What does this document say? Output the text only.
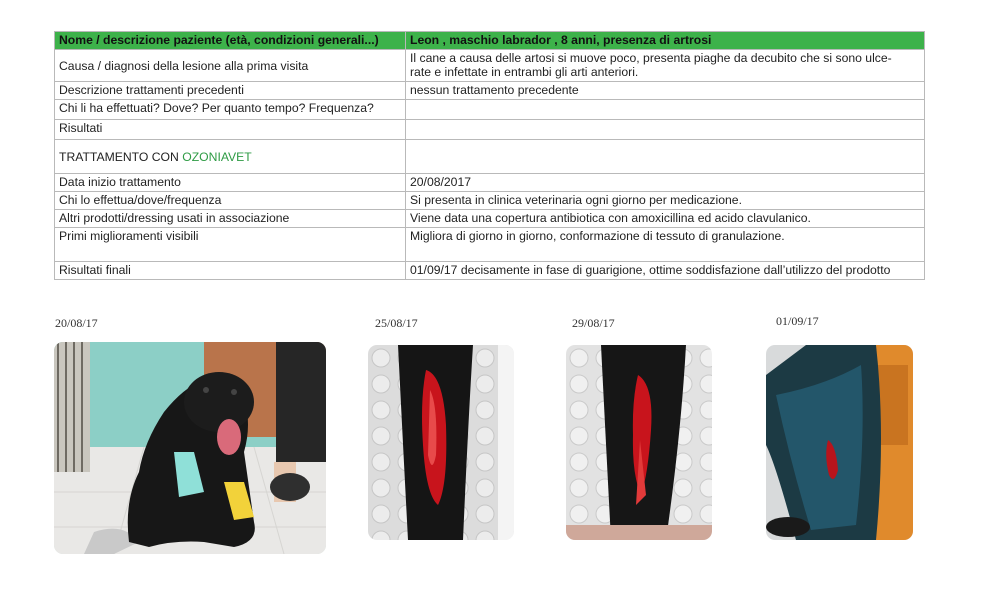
Nome / descrizione paziente (età, condizioni generali...)	Leon , maschio labrador , 8 anni, presenza di artrosi
Causa / diagnosi della lesione alla prima visita	Il cane a causa delle artosi si muove poco, presenta piaghe da decubito che si sono ulce-
rate e infettate in entrambi gli arti anteriori.
Descrizione trattamenti precedenti	nessun trattamento precedente
Chi li ha effettuati? Dove? Per quanto tempo? Frequenza?	
Risultati	
TRATTAMENTO CON OZONIAVET	
Data inizio trattamento	20/08/2017
Chi lo effettua/dove/frequenza	Si presenta in clinica veterinaria ogni giorno per medicazione.
Altri prodotti/dressing usati in associazione	Viene data una copertura antibiotica con amoxicillina ed acido clavulanico.
Primi miglioramenti visibili	Migliora di giorno in giorno, conformazione di tessuto di granulazione.
Risultati finali	01/09/17 decisamente in fase di guarigione, ottime soddisfazione dall’utilizzo del prodotto
20/08/17	25/08/17	29/08/17	01/09/17
